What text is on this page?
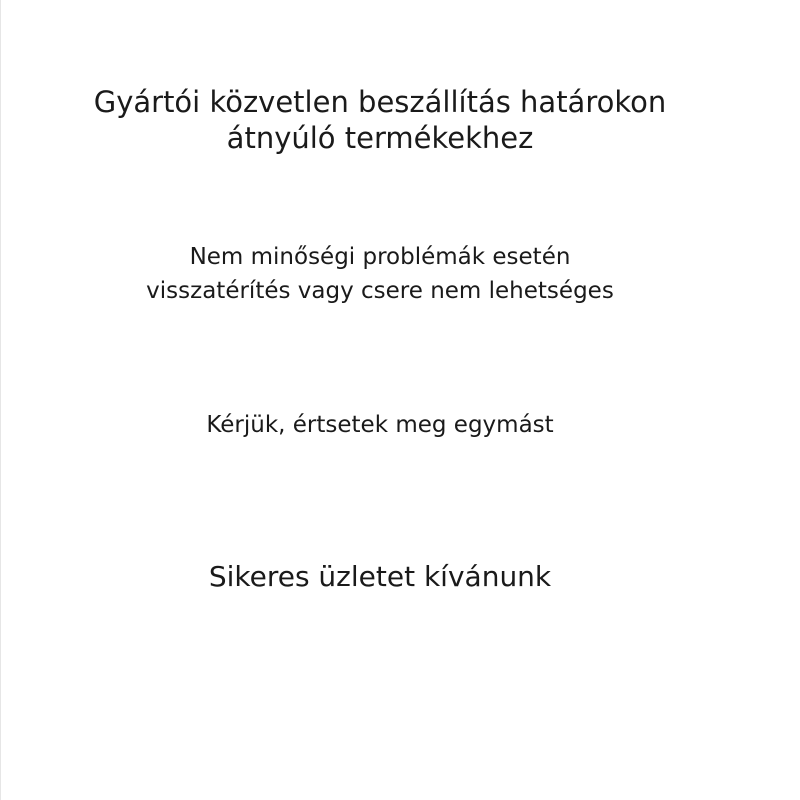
Gyártói közvetlen beszállítás határokon
átnyúló termékekhez
Nem minőségi problémák esetén
visszatérítés vagy csere nem lehetséges
Kérjük, értsetek meg egymást
Sikeres üzletet kívánunk
